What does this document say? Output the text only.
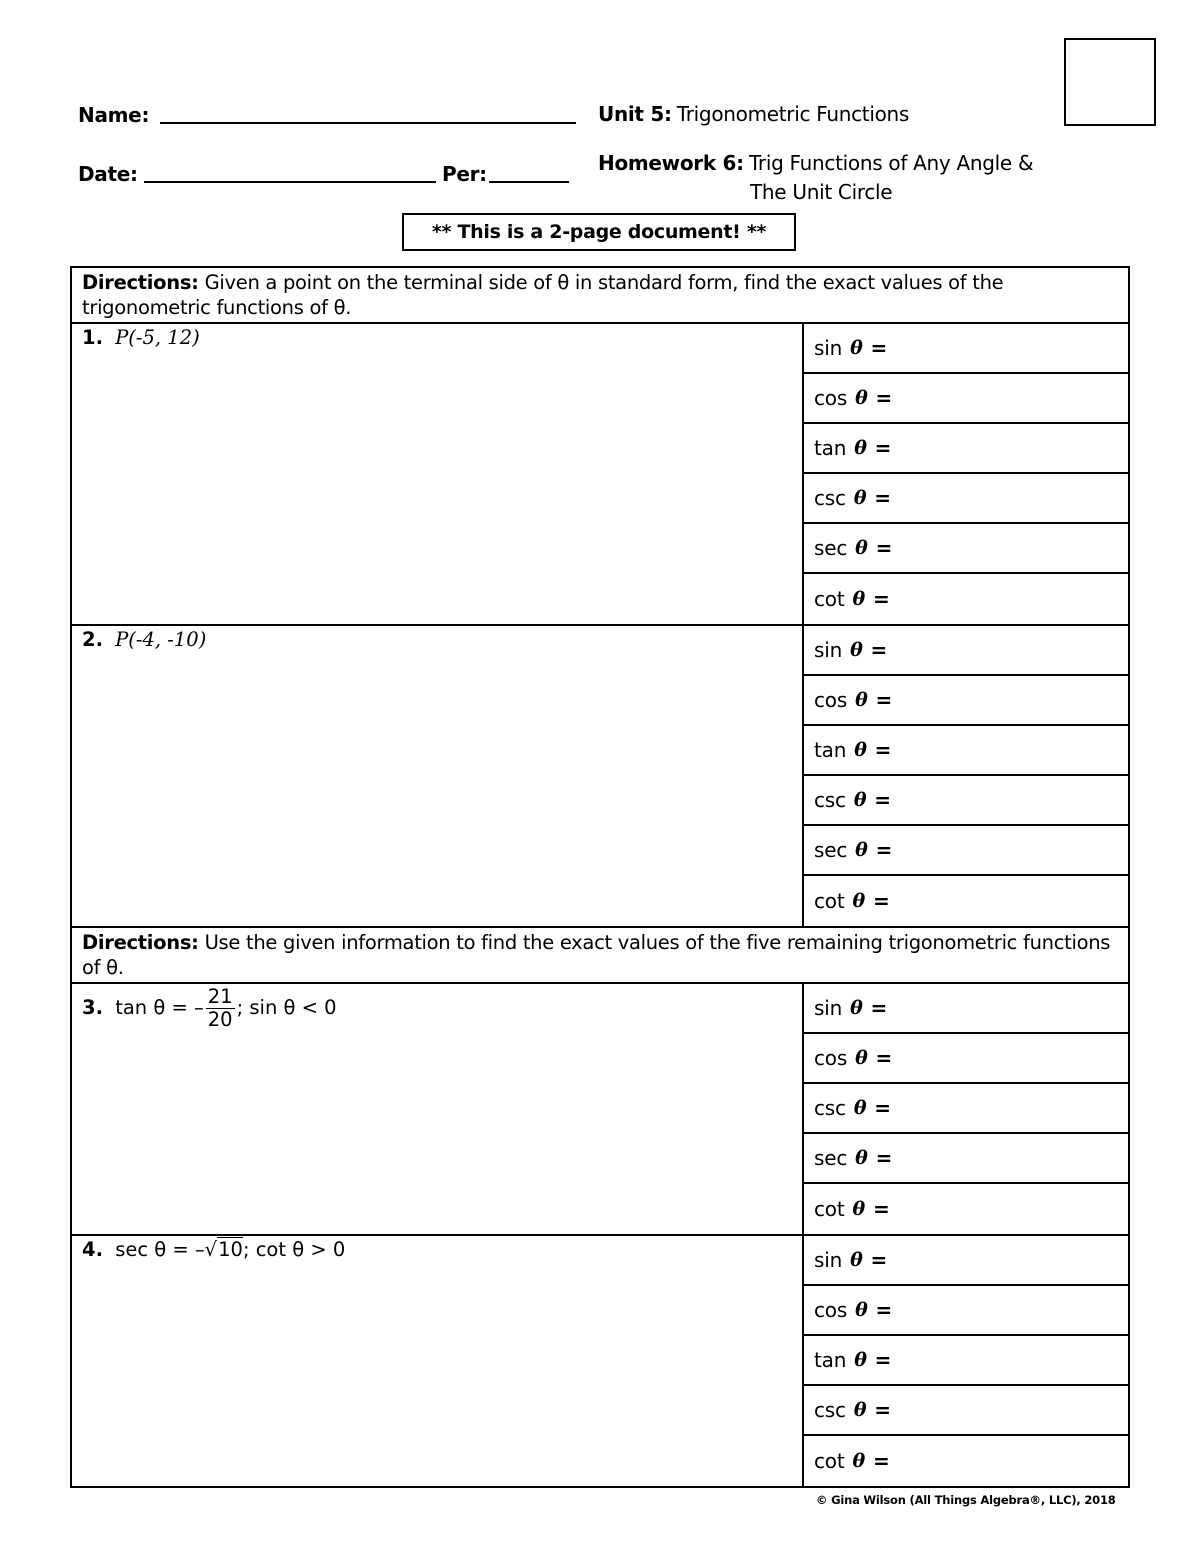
Name:
Date:	Per:
Unit 5: Trigonometric Functions
Homework 6: Trig Functions of Any Angle &
The Unit Circle
** This is a 2-page document! **
Directions: Given a point on the terminal side of θ in standard form, find the exact values of the trigonometric functions of θ.
1. P(-5, 12)	sin θ =
cos θ =
tan θ =
csc θ =
sec θ =
cot θ =
2. P(-4, -10)	sin θ =
cos θ =
tan θ =
csc θ =
sec θ =
cot θ =
Directions: Use the given information to find the exact values of the five remaining trigonometric functions of θ.
3. tan θ = – $\frac{21}{20}$ ; sin θ < 0	sin θ =
cos θ =
csc θ =
sec θ =
cot θ =
4. sec θ = –√10; cot θ > 0	sin θ =
cos θ =
tan θ =
csc θ =
cot θ =
© Gina Wilson (All Things Algebra®, LLC), 2018
